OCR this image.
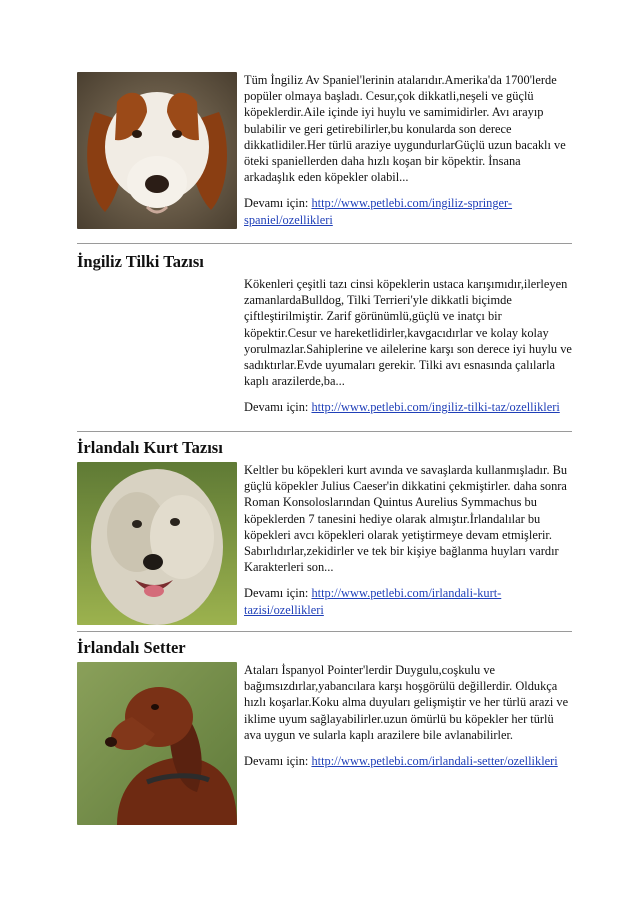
Tüm İngiliz Av Spaniel'lerinin atalarıdır.Amerika'da 1700'lerde popüler olmaya başladı. Cesur,çok dikkatli,neşeli ve güçlü köpeklerdir.Aile içinde iyi huylu ve samimidirler. Avı arayıp bulabilir ve geri getirebilirler,bu konularda son derece dikkatlidiler.Her türlü araziye uygundurlarGüçlü uzun bacaklı ve öteki spaniellerden daha hızlı koşan bir köpektir. İnsana arkadaşlık eden köpekler olabil...

Devamı için: http://www.petlebi.com/ingiliz-springer-spaniel/ozellikleri

İngiliz Tilki Tazısı

Kökenleri çeşitli tazı cinsi köpeklerin ustaca karışımıdır,ilerleyen zamanlardaBulldog, Tilki Terrieri'yle dikkatli biçimde çiftleştirilmiştir. Zarif görünümlü,güçlü ve inatçı bir köpektir.Cesur ve hareketlidirler,kavgacıdırlar ve kolay kolay yorulmazlar.Sahiplerine ve ailelerine karşı son derece iyi huylu ve sadıktırlar.Evde uyumaları gerekir. Tilki avı esnasında çalılarla kaplı arazilerde,ba...

Devamı için: http://www.petlebi.com/ingiliz-tilki-taz/ozellikleri

İrlandalı Kurt Tazısı

Keltler bu köpekleri kurt avında ve savaşlarda kullanmışladır. Bu güçlü köpekler Julius Caeser'in dikkatini çekmiştirler. daha sonra Roman Konsoloslarından Quintus Aurelius Symmachus bu köpeklerden 7 tanesini hediye olarak almıştır.İrlandalılar bu köpekleri avcı köpekleri olarak yetiştirmeye devam etmişlerir. Sabırlıdırlar,zekidirler ve tek bir kişiye bağlanma huyları vardır Karakterleri son...

Devamı için: http://www.petlebi.com/irlandali-kurt-tazisi/ozellikleri

İrlandalı Setter

Ataları İspanyol Pointer'lerdir Duygulu,coşkulu ve bağımsızdırlar,yabancılara karşı hoşgörülü değillerdir. Oldukça hızlı koşarlar.Koku alma duyuları gelişmiştir ve her türlü arazi ve iklime uyum sağlayabilirler.uzun ömürlü bu köpekler her türlü ava uygun ve sularla kaplı arazilere bile avlanabilirler.

Devamı için: http://www.petlebi.com/irlandali-setter/ozellikleri
